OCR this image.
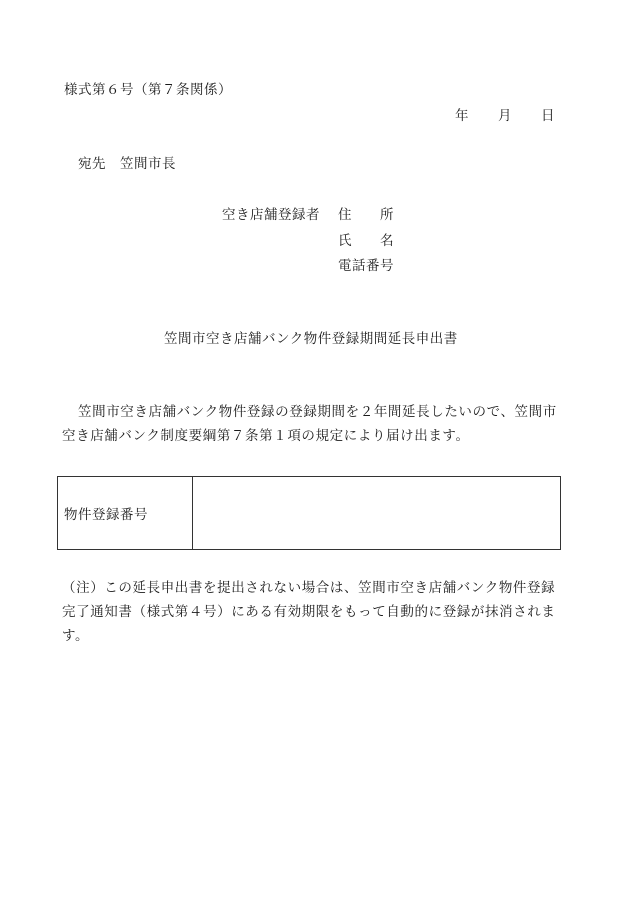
様式第６号（第７条関係）
年 月 日
宛先　笠間市長
空き店舗登録者 住　　所
氏　　名
電話番号
笠間市空き店舗バンク物件登録期間延長申出書
笠間市空き店舗バンク物件登録の登録期間を２年間延長したいので、笠間市
空き店舗バンク制度要綱第７条第１項の規定により届け出ます。
物件登録番号	
（注）この延長申出書を提出されない場合は、笠間市空き店舗バンク物件登録
完了通知書（様式第４号）にある有効期限をもって自動的に登録が抹消されま
す。
